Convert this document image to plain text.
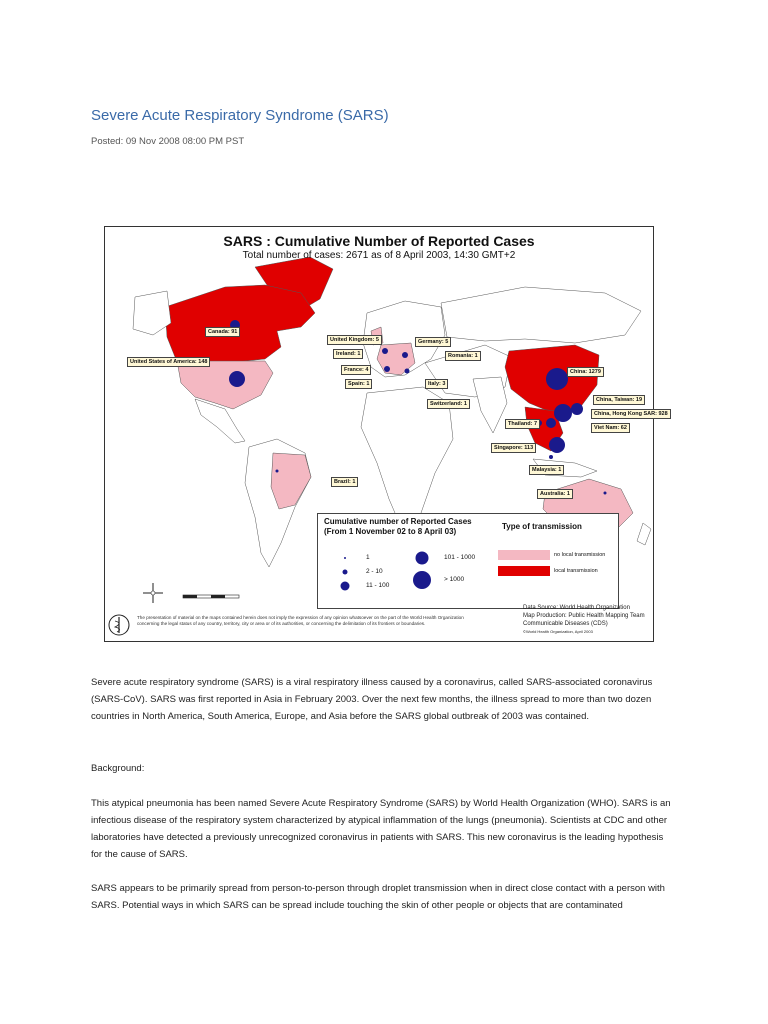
Severe Acute Respiratory Syndrome (SARS)
Posted: 09 Nov 2008 08:00 PM PST
SARS : Cumulative Number of Reported Cases
Total number of cases: 2671 as of 8 April 2003, 14:30 GMT+2
Canada: 91
United States of America: 148
United Kingdom: 5
Ireland: 1
France: 4
Spain: 1
Germany: 5
Romania: 1
Italy: 3
Switzerland: 1
China: 1279
China, Taiwan: 19
China, Hong Kong SAR: 928
Viet Nam: 62
Thailand: 7
Singapore: 113
Malaysia: 1
Brazil: 1
Australia: 1
Cumulative number of Reported Cases
(From 1 November 02 to 8 April 03)
Type of transmission
1
2 - 10
11 - 100
101 - 1000
> 1000
no local transmission
local transmission
The presentation of material on the maps contained herein does not imply the expression of any opinion whatsoever on the part of the World Health Organization concerning the legal status of any country, territory, city or area or of its authorities, or concerning the delimitation of its frontiers or boundaries.
Data Source: World Health Organization
Map Production: Public Health Mapping Team
Communicable Diseases (CDS)
©World Health Organization, April 2003

Severe acute respiratory syndrome (SARS) is a viral respiratory illness caused by a coronavirus, called SARS-associated coronavirus (SARS-CoV). SARS was first reported in Asia in February 2003. Over the next few months, the illness spread to more than two dozen countries in North America, South America, Europe, and Asia before the SARS global outbreak of 2003 was contained.

Background:

This atypical pneumonia has been named Severe Acute Respiratory Syndrome (SARS) by World Health Organization (WHO). SARS is an infectious disease of the respiratory system characterized by atypical inflammation of the lungs (pneumonia). Scientists at CDC and other laboratories have detected a previously unrecognized coronavirus in patients with SARS. This new coronavirus is the leading hypothesis for the cause of SARS.

SARS appears to be primarily spread from person-to-person through droplet transmission when in direct close contact with a person with SARS. Potential ways in which SARS can be spread include touching the skin of other people or objects that are contaminated
